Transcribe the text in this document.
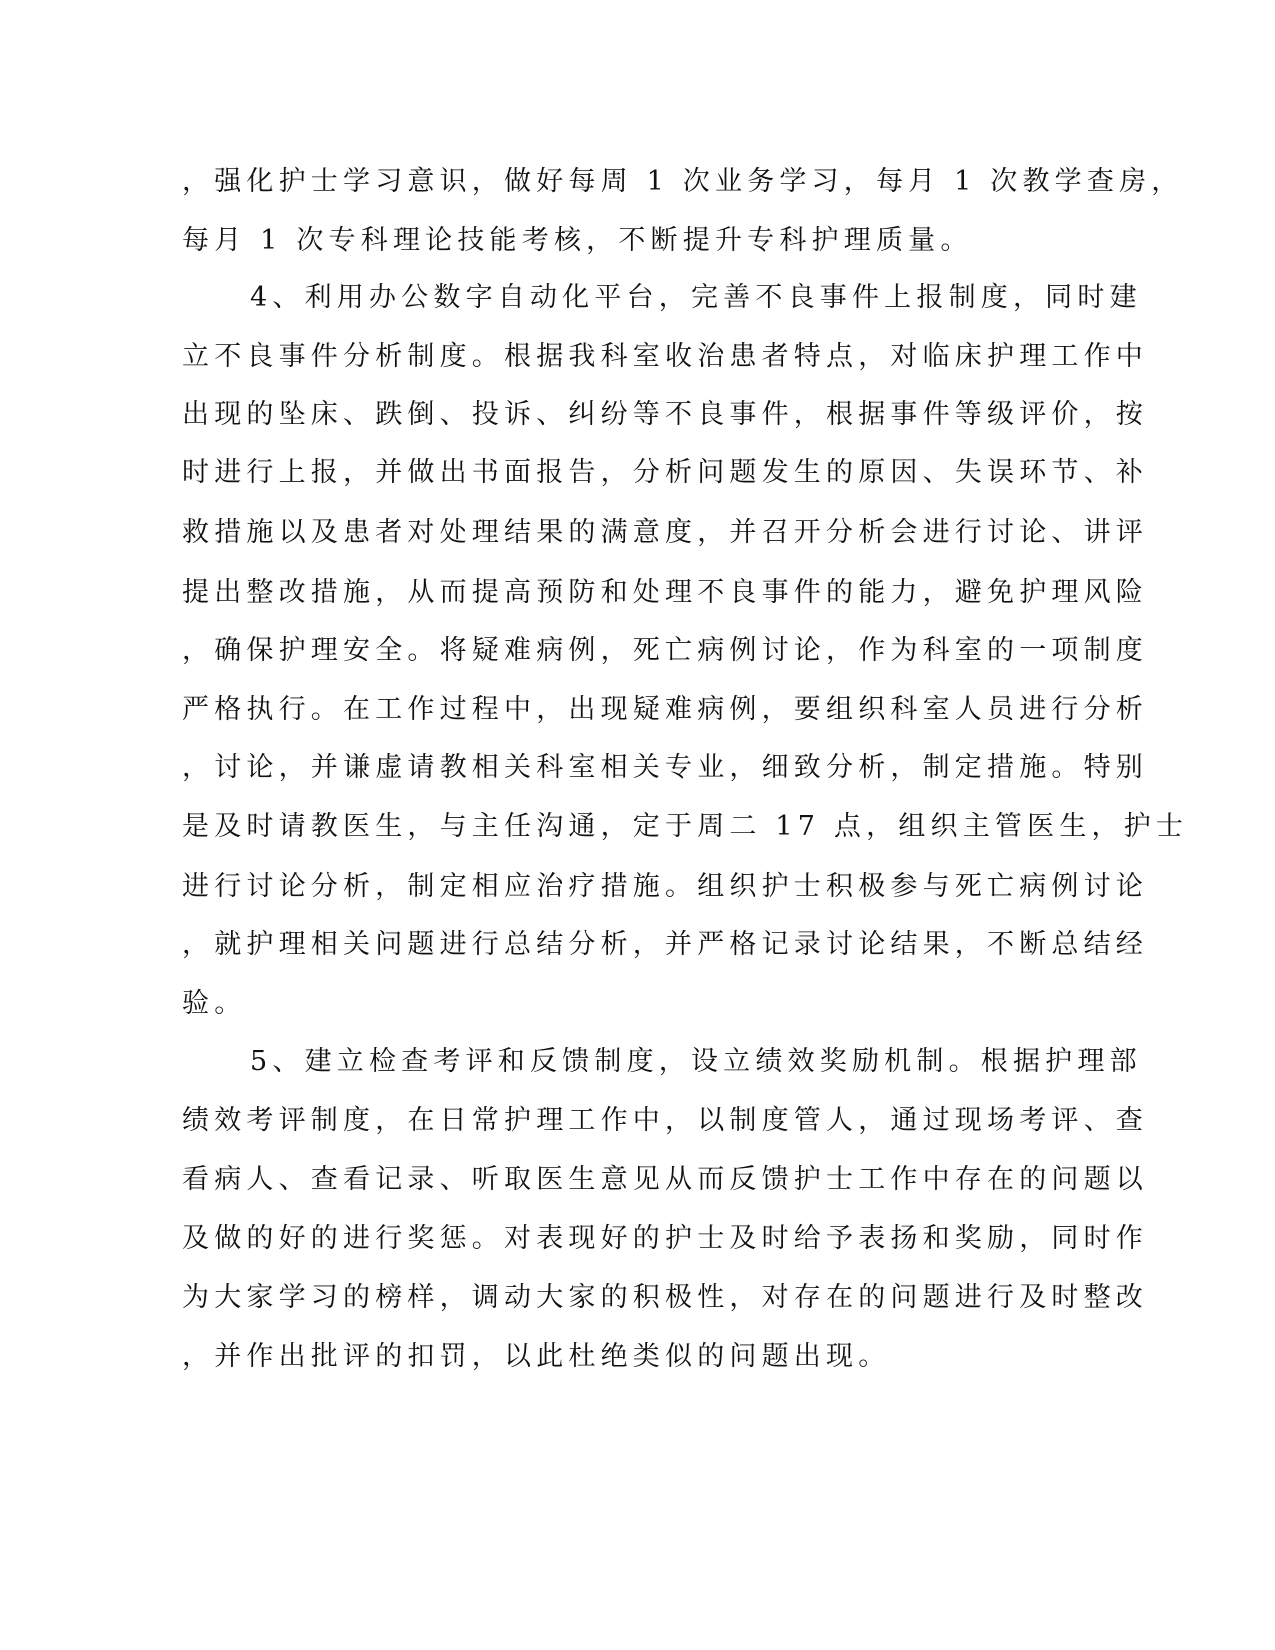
，强化护士学习意识，做好每周 1 次业务学习，每月 1 次教学查房，
每月 1 次专科理论技能考核，不断提升专科护理质量。
4、利用办公数字自动化平台，完善不良事件上报制度，同时建
立不良事件分析制度。根据我科室收治患者特点，对临床护理工作中
出现的坠床、跌倒、投诉、纠纷等不良事件，根据事件等级评价，按
时进行上报，并做出书面报告，分析问题发生的原因、失误环节、补
救措施以及患者对处理结果的满意度，并召开分析会进行讨论、讲评
提出整改措施，从而提高预防和处理不良事件的能力，避免护理风险
，确保护理安全。将疑难病例，死亡病例讨论，作为科室的一项制度
严格执行。在工作过程中，出现疑难病例，要组织科室人员进行分析
，讨论，并谦虚请教相关科室相关专业，细致分析，制定措施。特别
是及时请教医生，与主任沟通，定于周二 17 点，组织主管医生，护士
进行讨论分析，制定相应治疗措施。组织护士积极参与死亡病例讨论
，就护理相关问题进行总结分析，并严格记录讨论结果，不断总结经
验。
5、建立检查考评和反馈制度，设立绩效奖励机制。根据护理部
绩效考评制度，在日常护理工作中，以制度管人，通过现场考评、查
看病人、查看记录、听取医生意见从而反馈护士工作中存在的问题以
及做的好的进行奖惩。对表现好的护士及时给予表扬和奖励，同时作
为大家学习的榜样，调动大家的积极性，对存在的问题进行及时整改
，并作出批评的扣罚，以此杜绝类似的问题出现。
